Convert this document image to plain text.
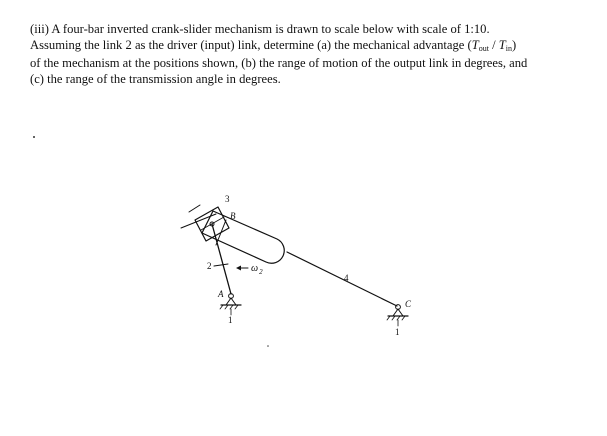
(iii) A four-bar inverted crank-slider mechanism is drawn to scale below with scale of 1:10.
Assuming the link 2 as the driver (input) link, determine (a) the mechanical advantage (Tout / Tin)
of the mechanism at the positions shown, (b) the range of motion of the output link in degrees, and
(c) the range of the transmission angle in degrees.
3
B
2	$\omega_2$
4
A
1
C
1
